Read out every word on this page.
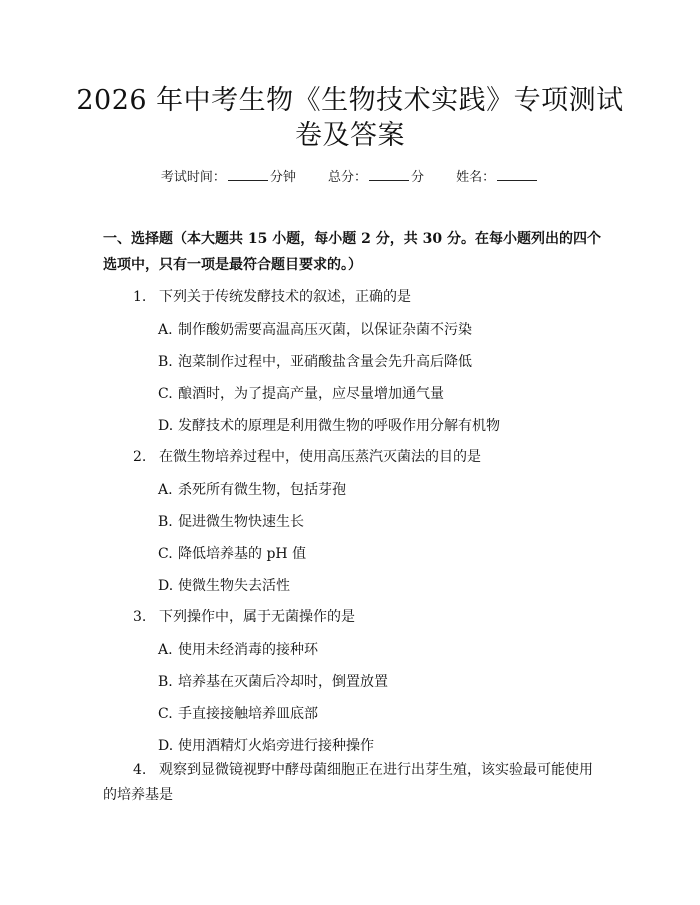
2026 年中考生物《生物技术实践》专项测试
卷及答案
考试时间：	分钟 总分：	分 姓名：
一、选择题（本大题共 15 小题，每小题 2 分，共 30 分。在每小题列出的四个选项中，只有一项是最符合题目要求的。）
1. 下列关于传统发酵技术的叙述，正确的是
A. 制作酸奶需要高温高压灭菌，以保证杂菌不污染
B. 泡菜制作过程中，亚硝酸盐含量会先升高后降低
C. 酿酒时，为了提高产量，应尽量增加通气量
D. 发酵技术的原理是利用微生物的呼吸作用分解有机物
2. 在微生物培养过程中，使用高压蒸汽灭菌法的目的是
A. 杀死所有微生物，包括芽孢
B. 促进微生物快速生长
C. 降低培养基的 pH 值
D. 使微生物失去活性
3. 下列操作中，属于无菌操作的是
A. 使用未经消毒的接种环
B. 培养基在灭菌后冷却时，倒置放置
C. 手直接接触培养皿底部
D. 使用酒精灯火焰旁进行接种操作
4. 观察到显微镜视野中酵母菌细胞正在进行出芽生殖，该实验最可能使用的培养基是
